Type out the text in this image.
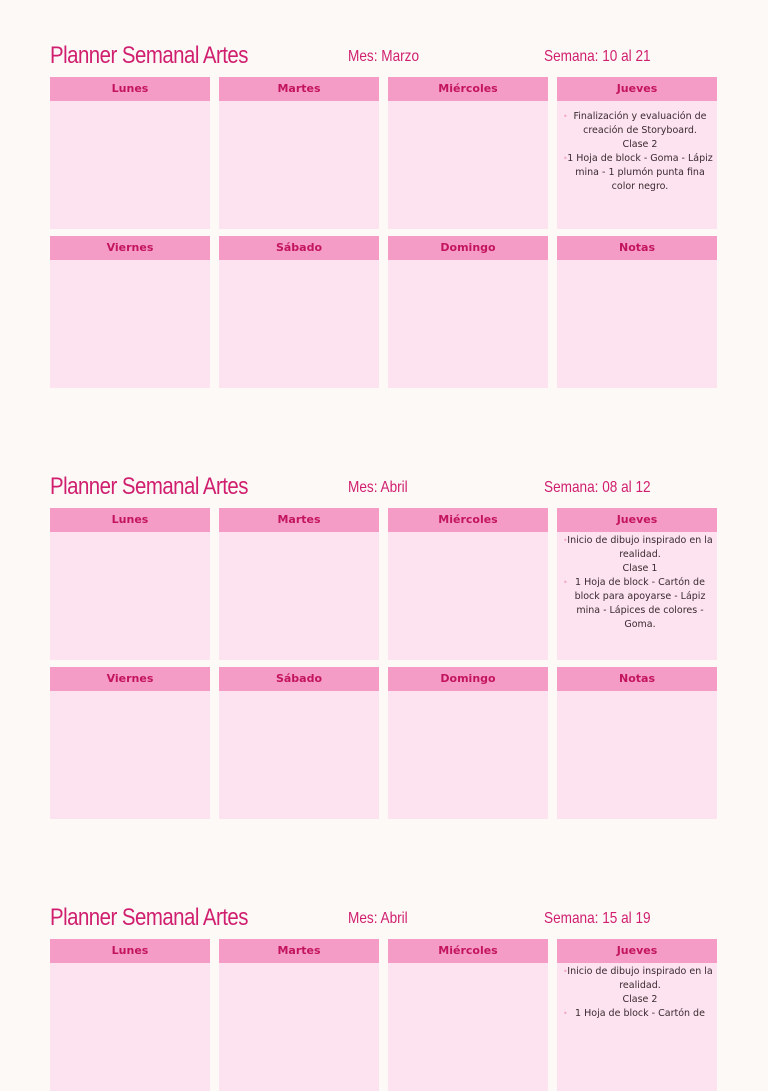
Planner Semanal Artes	Mes: Marzo	Semana: 10 al 21
Lunes	Martes	Miércoles	Jueves
• Finalización y evaluación de creación de Storyboard.
Clase 2
• 1 Hoja de block - Goma - Lápiz mina - 1 plumón punta fina color negro.
Viernes	Sábado	Domingo	Notas
Planner Semanal Artes	Mes: Abril	Semana: 08 al 12
Lunes	Martes	Miércoles	Jueves
• Inicio de dibujo inspirado en la realidad.
Clase 1
• 1 Hoja de block - Cartón de block para apoyarse - Lápiz mina - Lápices de colores - Goma.
Viernes	Sábado	Domingo	Notas
Planner Semanal Artes	Mes: Abril	Semana: 15 al 19
Lunes	Martes	Miércoles	Jueves
• Inicio de dibujo inspirado en la realidad.
Clase 2
• 1 Hoja de block - Cartón de
